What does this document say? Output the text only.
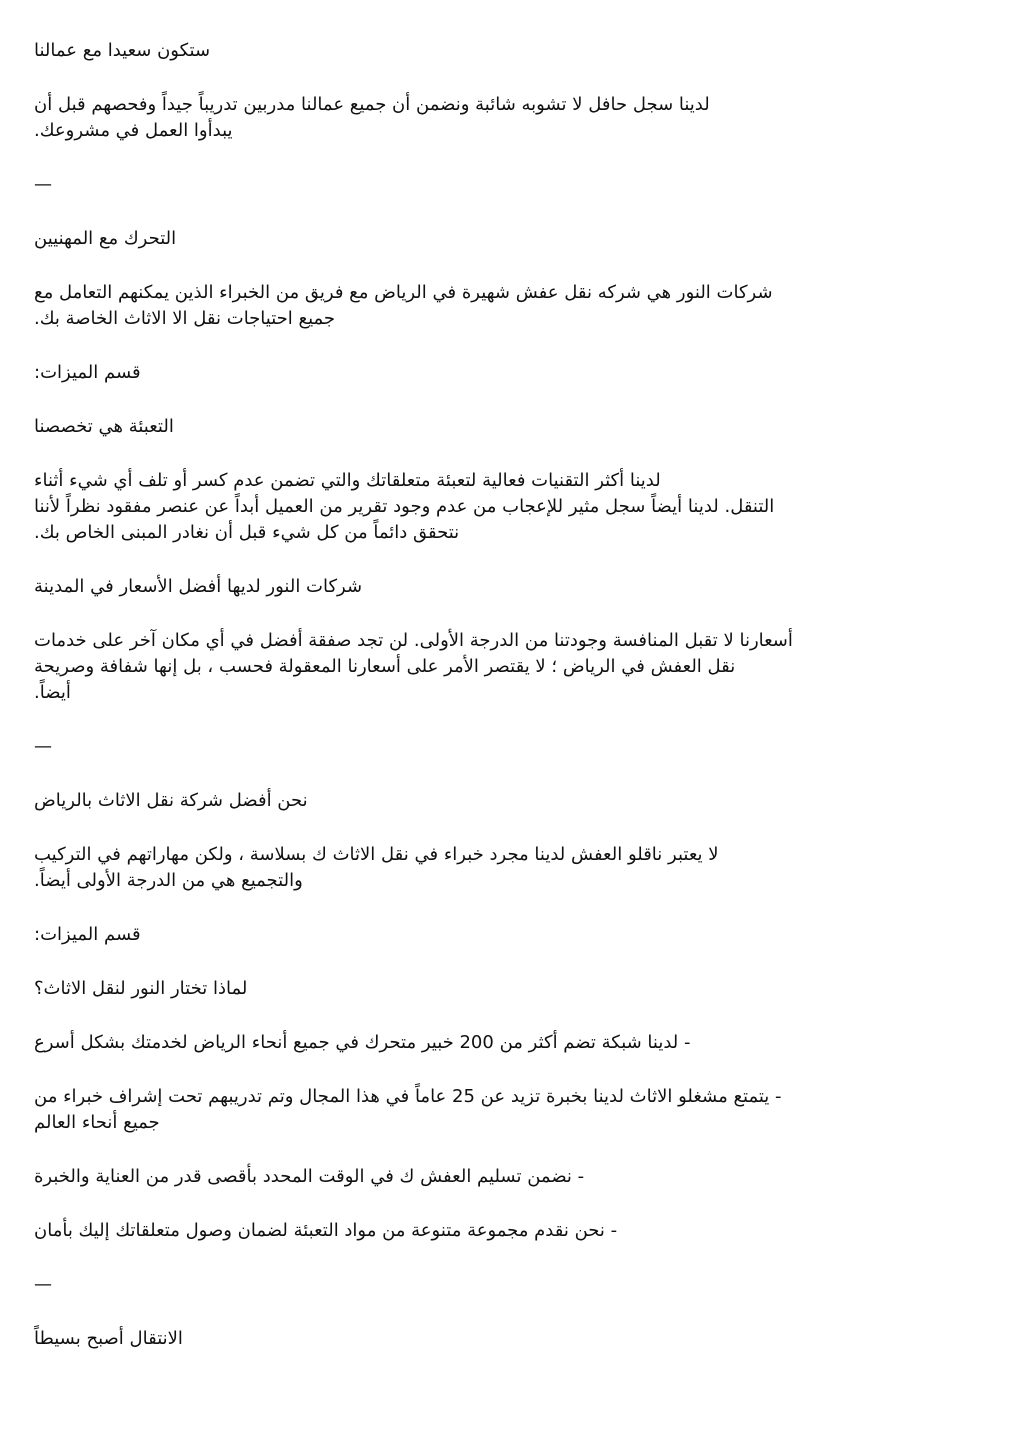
ستكون سعيدا مع عمالنا

لدينا سجل حافل لا تشوبه شائبة ونضمن أن جميع عمالنا مدربين تدريباً جيداً وفحصهم قبل أن
يبدأوا العمل في مشروعك.

—

التحرك مع المهنيين

شركات النور هي شركه نقل عفش شهيرة في الرياض مع فريق من الخبراء الذين يمكنهم التعامل مع
جميع احتياجات نقل الا الاثاث الخاصة بك.

قسم الميزات:

التعبئة هي تخصصنا

لدينا أكثر التقنيات فعالية لتعبئة متعلقاتك والتي تضمن عدم كسر أو تلف أي شيء أثناء
التنقل. لدينا أيضاً سجل مثير للإعجاب من عدم وجود تقرير من العميل أبداً عن عنصر مفقود نظراً لأننا
نتحقق دائماً من كل شيء قبل أن نغادر المبنى الخاص بك.

شركات النور لديها أفضل الأسعار في المدينة

أسعارنا لا تقبل المنافسة وجودتنا من الدرجة الأولى. لن تجد صفقة أفضل في أي مكان آخر على خدمات
نقل العفش في الرياض ؛ لا يقتصر الأمر على أسعارنا المعقولة فحسب ، بل إنها شفافة وصريحة
أيضاً.

—

نحن أفضل شركة نقل الاثاث بالرياض

لا يعتبر ناقلو العفش لدينا مجرد خبراء في نقل الاثاث ك بسلاسة ، ولكن مهاراتهم في التركيب
والتجميع هي من الدرجة الأولى أيضاً.

قسم الميزات:

لماذا تختار النور لنقل الاثاث؟

- لدينا شبكة تضم أكثر من 200 خبير متحرك في جميع أنحاء الرياض لخدمتك بشكل أسرع

- يتمتع مشغلو الاثاث لدينا بخبرة تزيد عن 25 عاماً في هذا المجال وتم تدريبهم تحت إشراف خبراء من
جميع أنحاء العالم

- نضمن تسليم العفش ك في الوقت المحدد بأقصى قدر من العناية والخبرة

- نحن نقدم مجموعة متنوعة من مواد التعبئة لضمان وصول متعلقاتك إليك بأمان

—

الانتقال أصبح بسيطاً
